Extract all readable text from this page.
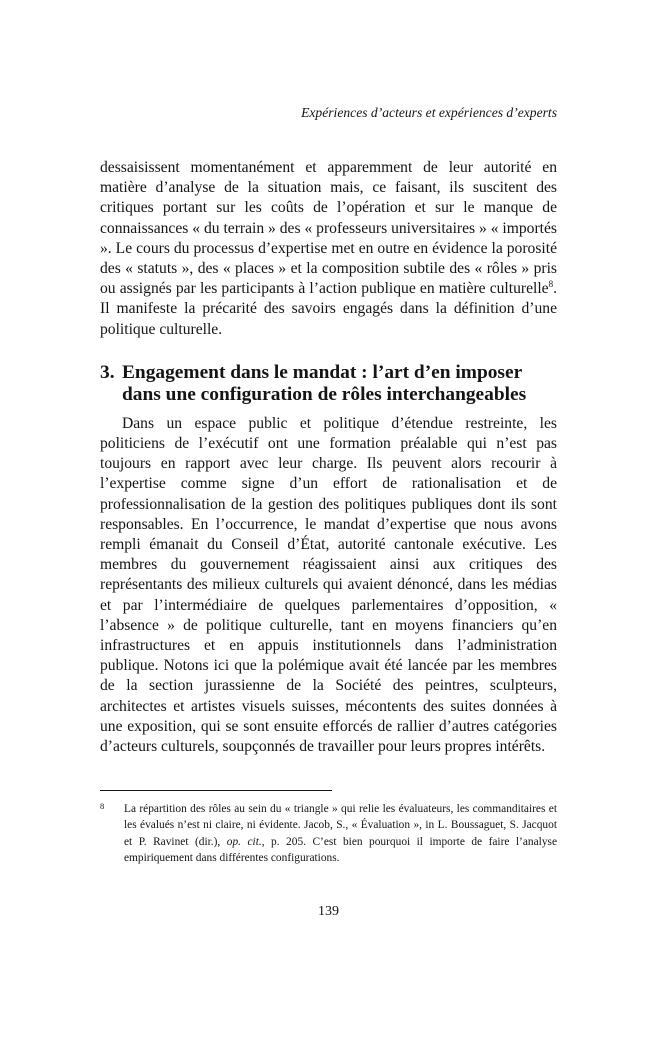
Expériences d’acteurs et expériences d’experts

dessaisissent momentanément et apparemment de leur autorité en matière d’analyse de la situation mais, ce faisant, ils suscitent des critiques portant sur les coûts de l’opération et sur le manque de connaissances « du terrain » des « professeurs universitaires » « importés ». Le cours du processus d’expertise met en outre en évidence la porosité des « statuts », des « places » et la composition subtile des « rôles » pris ou assignés par les participants à l’action publique en matière culturelle$^8$. Il manifeste la précarité des savoirs engagés dans la définition d’une politique culturelle.

3. Engagement dans le mandat : l’art d’en imposer dans une configuration de rôles interchangeables

Dans un espace public et politique d’étendue restreinte, les politiciens de l’exécutif ont une formation préalable qui n’est pas toujours en rapport avec leur charge. Ils peuvent alors recourir à l’expertise comme signe d’un effort de rationalisation et de professionnalisation de la gestion des politiques publiques dont ils sont responsables. En l’occurrence, le mandat d’expertise que nous avons rempli émanait du Conseil d’État, autorité cantonale exécutive. Les membres du gouvernement réagissaient ainsi aux critiques des représentants des milieux culturels qui avaient dénoncé, dans les médias et par l’intermédiaire de quelques parlementaires d’opposition, « l’absence » de politique culturelle, tant en moyens financiers qu’en infrastructures et en appuis institutionnels dans l’administration publique. Notons ici que la polémique avait été lancée par les membres de la section jurassienne de la Société des peintres, sculpteurs, architectes et artistes visuels suisses, mécontents des suites données à une exposition, qui se sont ensuite efforcés de rallier d’autres catégories d’acteurs culturels, soupçonnés de travailler pour leurs propres intérêts.

8 La répartition des rôles au sein du « triangle » qui relie les évaluateurs, les commanditaires et les évalués n’est ni claire, ni évidente. Jacob, S., « Évaluation », in L. Boussaguet, S. Jacquot et P. Ravinet (dir.), op. cit., p. 205. C’est bien pourquoi il importe de faire l’analyse empiriquement dans différentes configurations.

139
